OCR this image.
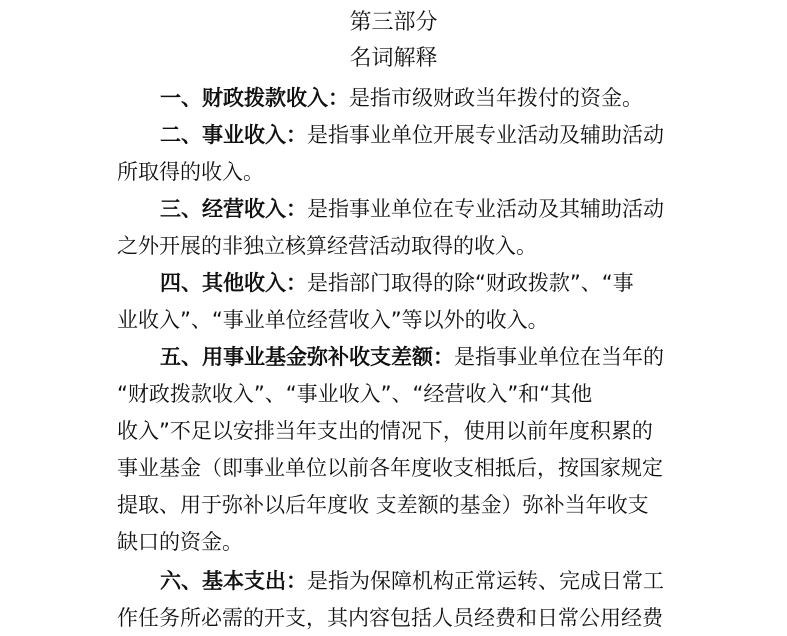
第三部分
名词解释
一、财政拨款收入：是指市级财政当年拨付的资金。
二、事业收入：是指事业单位开展专业活动及辅助活动
所取得的收入。
三、经营收入：是指事业单位在专业活动及其辅助活动
之外开展的非独立核算经营活动取得的收入。
四、其他收入：是指部门取得的除“财政拨款”、“事
业收入”、“事业单位经营收入”等以外的收入。
五、用事业基金弥补收支差额：是指事业单位在当年的
“财政拨款收入”、“事业收入”、“经营收入”和“其他
收入”不足以安排当年支出的情况下，使用以前年度积累的
事业基金（即事业单位以前各年度收支相抵后，按国家规定
提取、用于弥补以后年度收 支差额的基金）弥补当年收支
缺口的资金。
六、基本支出：是指为保障机构正常运转、完成日常工
作任务所必需的开支，其内容包括人员经费和日常公用经费
